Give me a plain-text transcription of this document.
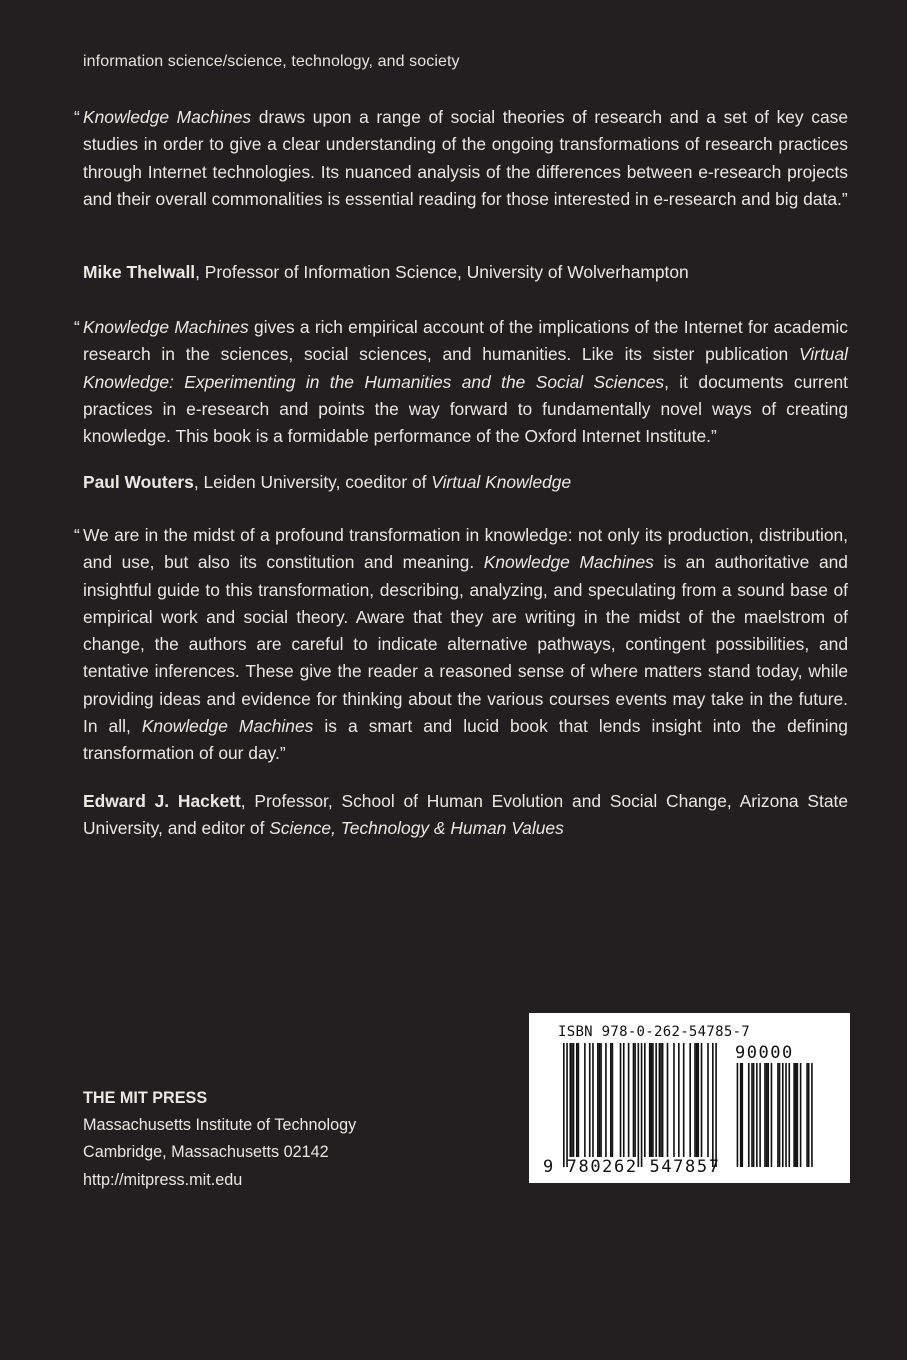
information science/science, technology, and society
“ Knowledge Machines draws upon a range of social theories of research and a set of key case studies in order to give a clear understanding of the ongoing transformations of research practices through Internet technologies. Its nuanced analysis of the differences between e-research projects and their overall commonalities is essential reading for those interested in e-research and big data.”
Mike Thelwall, Professor of Information Science, University of Wolverhampton
“ Knowledge Machines gives a rich empirical account of the implications of the Internet for academic research in the sciences, social sciences, and humanities. Like its sister publication Virtual Knowledge: Experimenting in the Humanities and the Social Sciences, it documents current practices in e-research and points the way forward to fundamentally novel ways of creating knowledge. This book is a formidable performance of the Oxford Internet Institute.”
Paul Wouters, Leiden University, coeditor of Virtual Knowledge
“ We are in the midst of a profound transformation in knowledge: not only its production, distribution, and use, but also its constitution and meaning. Knowledge Machines is an authoritative and insightful guide to this transformation, describing, analyzing, and speculating from a sound base of empirical work and social theory. Aware that they are writing in the midst of the maelstrom of change, the authors are careful to indicate alternative pathways, contingent possibilities, and tentative inferences. These give the reader a reasoned sense of where matters stand today, while providing ideas and evidence for thinking about the various courses events may take in the future. In all, Knowledge Machines is a smart and lucid book that lends insight into the defining transformation of our day.”
Edward J. Hackett, Professor, School of Human Evolution and Social Change, Arizona State University, and editor of Science, Technology & Human Values
THE MIT PRESS
Massachusetts Institute of Technology
Cambridge, Massachusetts 02142
http://mitpress.mit.edu
ISBN 978-0-262-54785-7
90000
9 780262 547857
